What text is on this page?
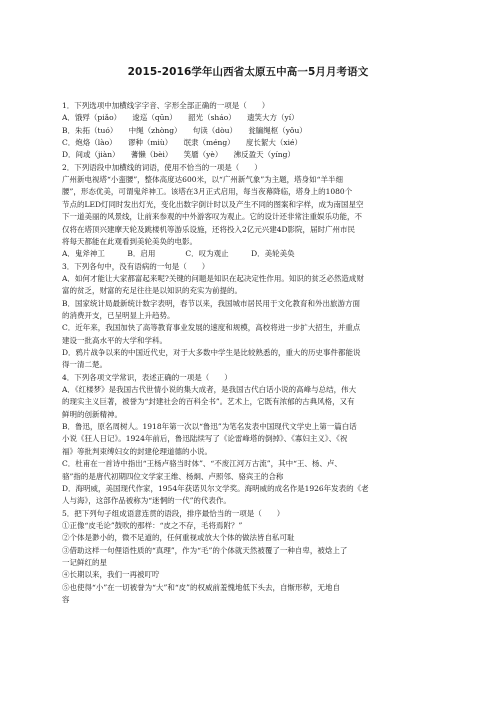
2015-2016学年山西省太原五中高一5月月考语文
1．下列选项中加横线字字音、字形全部正确的一项是（　　）
A．饿殍（piǎo）　　逡巡（qūn）　　韶光（sháo）　　遗笑大方（yí）
B．朱拓（tuó）　　中绳（zhòng）　　句读（dòu）　　瓮牖绳枢（yǒu）
C．炮烙（lào）　　谬种（miù）　　氓隶（méng）　　度长絜大（xié）
D．间或（jiàn）　　蓍懒（bèi）　　笑靥（yè）　　沸反盈天（yíng）
2．下列语段中加横线的词语，使用不恰当的一项是（　　）
广州新电视塔“小蛮腰”，整体高度达600米，以“广州新气象”为主题，塔身如“羊半细
腰”，形态优美，可谓鬼斧神工。该塔在3月正式启用，每当夜幕降临，塔身上的1080个
节点的LED灯同时发出灯光，变化出数字倒计时以及产生不同的图案和字样，成为南国星空
下一道美丽的风景线，让前来参观的中外游客叹为观止。它的设计还非常注重娱乐功能，不
仅将在塔顶兴建摩天轮及跳楼机等游乐设施，还将投入2亿元兴建4D影院，届时广州市民
将每天都能在此观看到美轮美奂的电影。
A．鬼斧神工　　　B．启用　　　　C．叹为观止　　　D．美轮美奂
3．下列各句中，没有语病的一句是（　　）
A．如何才能让大家都富起来呢?关键的问题是知识在起决定性作用。知识的贫乏必然造成财
富的贫乏，财富的充足往往是以知识的充实为前提的。
B．国家统计局最新统计数字表明，春节以来，我国城市居民用于文化教育和外出旅游方面
的消费开支，已呈明显上升趋势。
C．近年来，我国加快了高等教育事业发展的速度和规模，高校将进一步扩大招生，并重点
建设一批高水平的大学和学科。
D．鸦片战争以来的中国近代史，对于大多数中学生是比较熟悉的，重大的历史事件都能说
得一清二楚。
4．下列各项文学常识，表述正确的一项是（　　）
A．《红楼梦》是我国古代世情小说的集大成者，是我国古代白话小说的高峰与总结，伟大
的现实主义巨著，被誉为“封建社会的百科全书”。艺术上，它既有浓郁的古典风格，又有
鲜明的创新精神。
B．鲁迅，原名周树人。1918年第一次以“鲁迅”为笔名发表中国现代文学史上第一篇白话
小说《狂人日记》。1924年前后，鲁迅陆续写了《论雷峰塔的倒掉》、《寡妇主义》、《祝
福》等批判束缚妇女的封建伦理道德的小说。
C．杜甫在一首诗中指出“王杨卢骆当时体”、“不废江河万古流”，其中“王、杨、卢、
骆”指的是唐代初期四位文学家王维、杨炯、卢照邻、骆宾王的合称
D．海明威，美国现代作家，1954年获诺贝尔文学奖。海明威的成名作是1926年发表的《老
人与海》，这部作品被称为“迷惘的一代”的代表作。
5．把下列句子组成语意连贯的语段，排序最恰当的一项是（　　）
①正像“皮毛论”鼓吹的那样：“皮之不存，毛将焉附？”
②个体是渺小的，微不足道的，任何重视或放大个体的做法皆自私可耻
③借助这样一句俚语性质的“真理”，作为“毛”的个体就天然被覆了一种自卑，被焓上了
一记鲜红的星
④长期以来，我们一再被叮咛
⑤也使得“小”在一切被誉为“大”和“皮”的权威前羞愧地低下头去，自惭形秽，无地自
容
